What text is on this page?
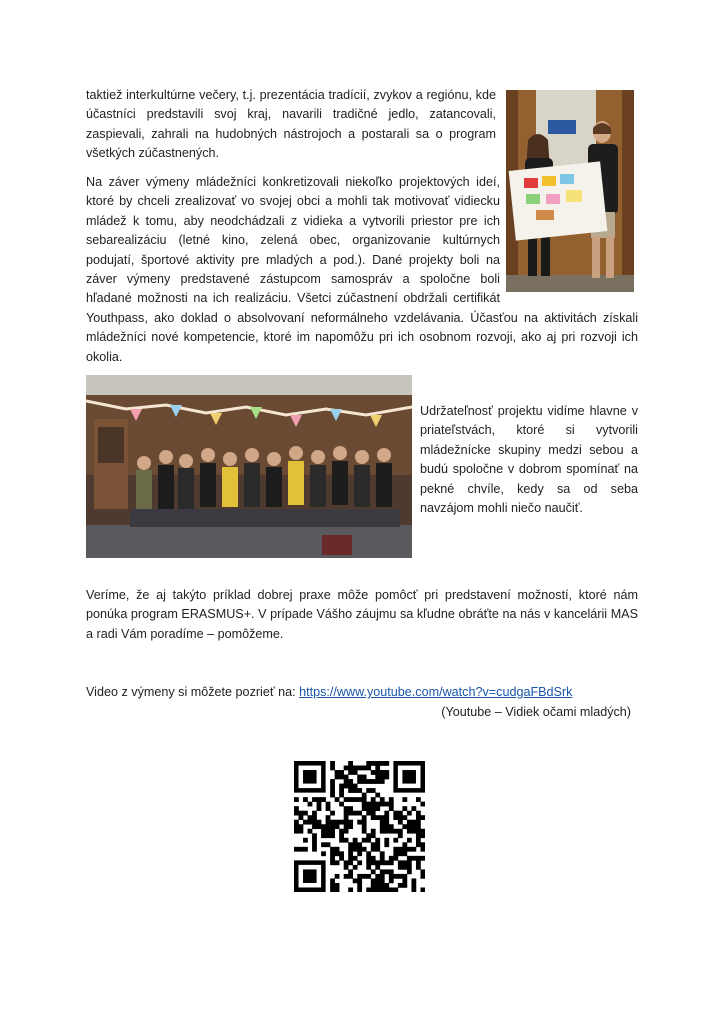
taktiež interkultúrne večery, t.j. prezentácia tradícií, zvykov a regiónu, kde účastníci predstavili svoj kraj, navarili tradičné jedlo, zatancovali, zaspievali, zahrali na hudobných nástrojoch a postarali sa o program všetkých zúčastnených.

Na záver výmeny mládežníci konkretizovali niekoľko projektových ideí, ktoré by chceli zrealizovať vo svojej obci a mohli tak motivovať vidiecku mládež k tomu, aby neodchádzali z vidieka a vytvorili priestor pre ich sebarealizáciu (letné kino, zelená obec, organizovanie kultúrnych podujatí, športové aktivity pre mladých a pod.). Dané projekty boli na záver výmeny predstavené zástupcom samospráv a spoločne boli hľadané možnosti na ich realizáciu. Všetci zúčastnení obdržali certifikát Youthpass, ako doklad o absolvovaní neformálneho vzdelávania. Účasťou na aktivitách získali mládežníci nové kompetencie, ktoré im napomôžu pri ich osobnom rozvoji, ako aj pri rozvoji ich okolia.

Udržateľnosť projektu vidíme hlavne v priateľstvách, ktoré si vytvorili mládežnícke skupiny medzi sebou a budú spoločne v dobrom spomínať na pekné chvíle, kedy sa od seba navzájom mohli niečo naučiť.

Veríme, že aj takýto príklad dobrej praxe môže pomôcť pri predstavení možností, ktoré nám ponúka program ERASMUS+. V prípade Vášho záujmu sa kľudne obráťte na nás v kancelárii MAS a radi Vám poradíme – pomôžeme.

Video z výmeny si môžete pozrieť na: https://www.youtube.com/watch?v=cudgaFBdSrk
(Youtube – Vidiek očami mladých)
